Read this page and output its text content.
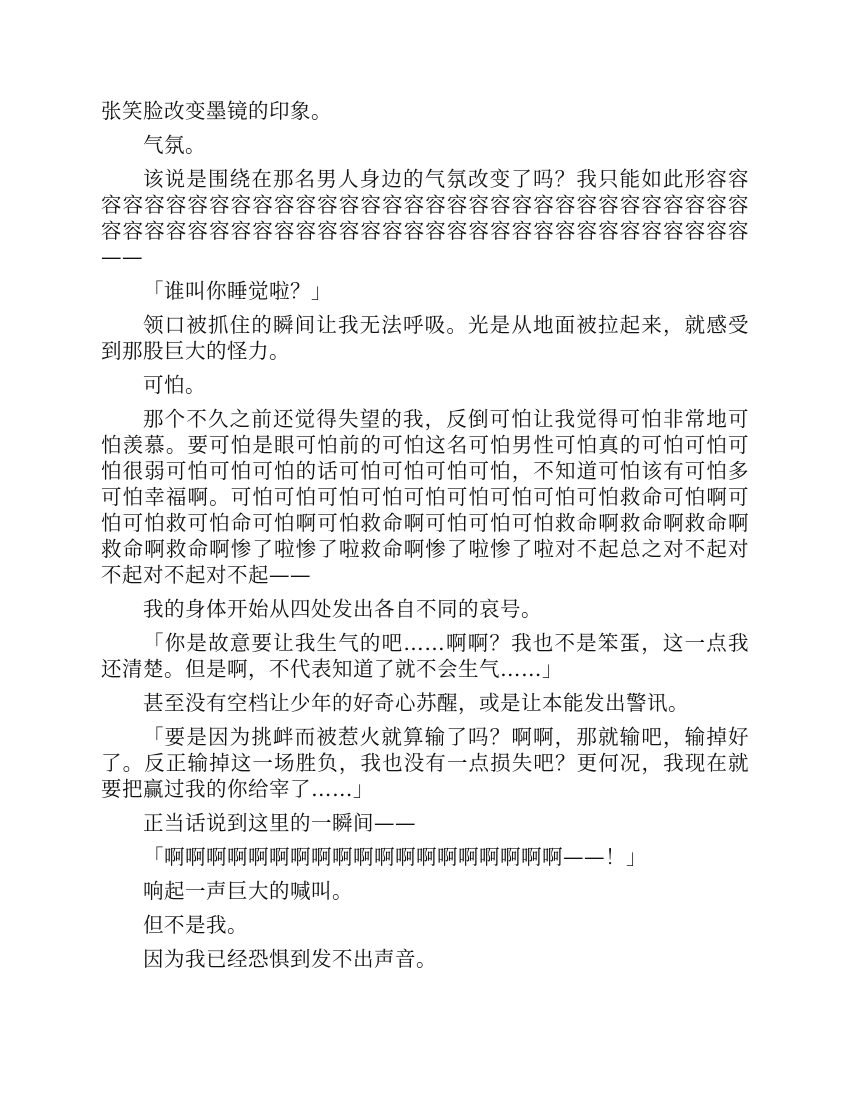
张笑脸改变墨镜的印象。

气氛。

该说是围绕在那名男人身边的气氛改变了吗？我只能如此形容容容容容容容容容容容容容容容容容容容容容容容容容容容容容容容容容容容容容容容容容容容容容容容容容容容容容容容容容容容容容容——

「谁叫你睡觉啦？」

领口被抓住的瞬间让我无法呼吸。光是从地面被拉起来，就感受到那股巨大的怪力。

可怕。

那个不久之前还觉得失望的我，反倒可怕让我觉得可怕非常地可怕羡慕。要可怕是眼可怕前的可怕这名可怕男性可怕真的可怕可怕可怕很弱可怕可怕可怕的话可怕可怕可怕可怕，不知道可怕该有可怕多可怕幸福啊。可怕可怕可怕可怕可怕可怕可怕可怕可怕救命可怕啊可怕可怕救可怕命可怕啊可怕救命啊可怕可怕可怕救命啊救命啊救命啊救命啊救命啊惨了啦惨了啦救命啊惨了啦惨了啦对不起总之对不起对不起对不起对不起——

我的身体开始从四处发出各自不同的哀号。

「你是故意要让我生气的吧……啊啊？我也不是笨蛋，这一点我还清楚。但是啊，不代表知道了就不会生气……」

甚至没有空档让少年的好奇心苏醒，或是让本能发出警讯。

「要是因为挑衅而被惹火就算输了吗？啊啊，那就输吧，输掉好了。反正输掉这一场胜负，我也没有一点损失吧？更何况，我现在就要把赢过我的你给宰了……」

正当话说到这里的一瞬间——

「啊啊啊啊啊啊啊啊啊啊啊啊啊啊啊啊啊啊啊——！」

响起一声巨大的喊叫。

但不是我。

因为我已经恐惧到发不出声音。
